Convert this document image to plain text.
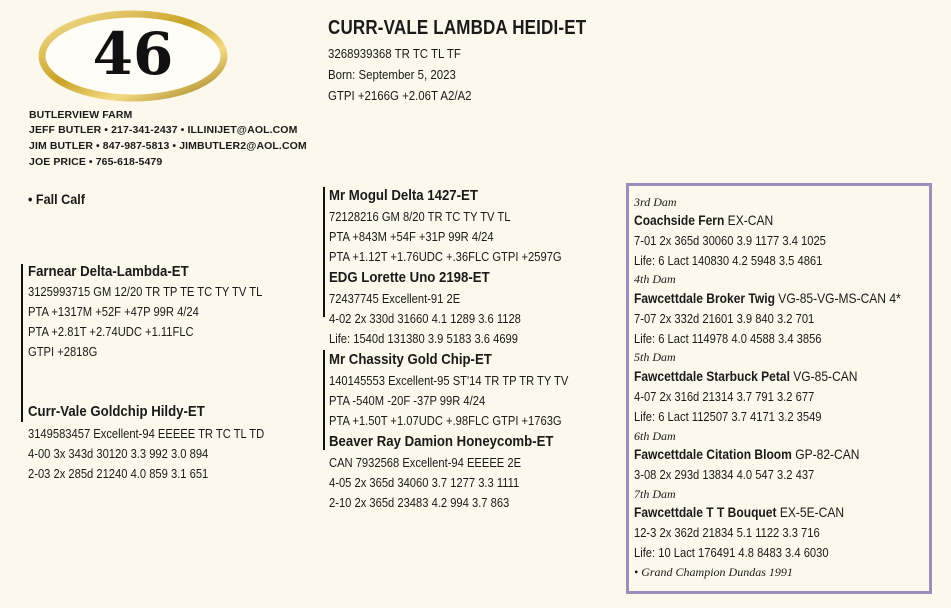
46
BUTLERVIEW FARM
JEFF BUTLER • 217-341-2437 • ILLINIJET@AOL.COM
JIM BUTLER • 847-987-5813 • JIMBUTLER2@AOL.COM
JOE PRICE • 765-618-5479
CURR-VALE LAMBDA HEIDI-ET
3268939368 TR TC TL TF
Born: September 5, 2023
GTPI +2166G +2.06T A2/A2
• Fall Calf
Farnear Delta-Lambda-ET
3125993715 GM 12/20 TR TP TE TC TY TV TL
PTA +1317M +52F +47P 99R 4/24
PTA +2.81T +2.74UDC +1.11FLC
GTPI +2818G
Curr-Vale Goldchip Hildy-ET
3149583457 Excellent-94 EEEEE TR TC TL TD
4-00 3x 343d 30120 3.3 992 3.0 894
2-03 2x 285d 21240 4.0 859 3.1 651
Mr Mogul Delta 1427-ET
72128216 GM 8/20 TR TC TY TV TL
PTA +843M +54F +31P 99R 4/24
PTA +1.12T +1.76UDC +.36FLC GTPI +2597G
EDG Lorette Uno 2198-ET
72437745 Excellent-91 2E
4-02 2x 330d 31660 4.1 1289 3.6 1128
Life: 1540d 131380 3.9 5183 3.6 4699
Mr Chassity Gold Chip-ET
140145553 Excellent-95 ST'14 TR TP TR TY TV
PTA -540M -20F -37P 99R 4/24
PTA +1.50T +1.07UDC +.98FLC GTPI +1763G
Beaver Ray Damion Honeycomb-ET
CAN 7932568 Excellent-94 EEEEE 2E
4-05 2x 365d 34060 3.7 1277 3.3 1111
2-10 2x 365d 23483 4.2 994 3.7 863
3rd Dam
Coachside Fern EX-CAN
7-01 2x 365d 30060 3.9 1177 3.4 1025
Life: 6 Lact 140830 4.2 5948 3.5 4861
4th Dam
Fawcettdale Broker Twig VG-85-VG-MS-CAN 4*
7-07 2x 332d 21601 3.9 840 3.2 701
Life: 6 Lact 114978 4.0 4588 3.4 3856
5th Dam
Fawcettdale Starbuck Petal VG-85-CAN
4-07 2x 316d 21314 3.7 791 3.2 677
Life: 6 Lact 112507 3.7 4171 3.2 3549
6th Dam
Fawcettdale Citation Bloom GP-82-CAN
3-08 2x 293d 13834 4.0 547 3.2 437
7th Dam
Fawcettdale T T Bouquet EX-5E-CAN
12-3 2x 362d 21834 5.1 1122 3.3 716
Life: 10 Lact 176491 4.8 8483 3.4 6030
• Grand Champion Dundas 1991
